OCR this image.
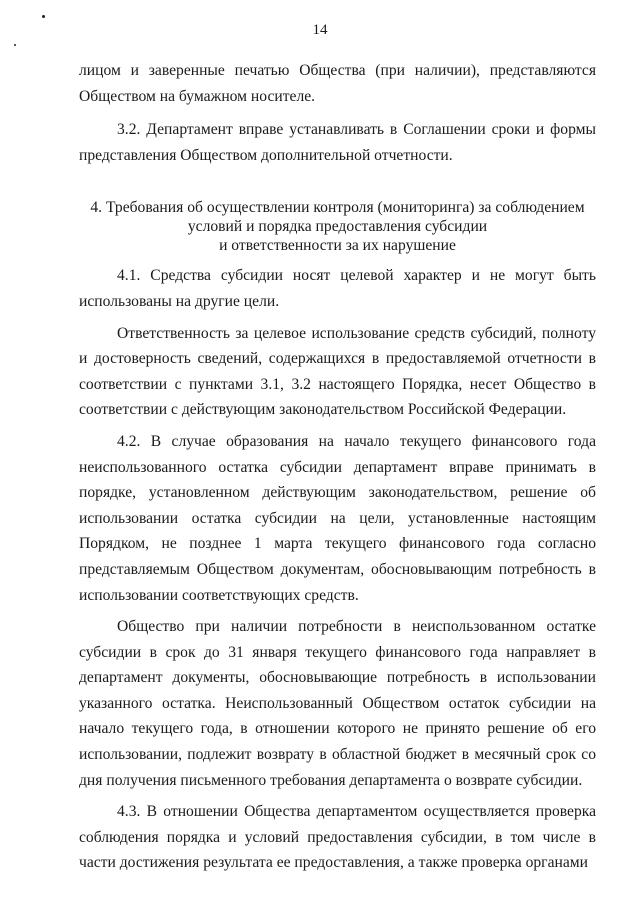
14

лицом и заверенные печатью Общества (при наличии), представляются Обществом на бумажном носителе.

3.2. Департамент вправе устанавливать в Соглашении сроки и формы представления Обществом дополнительной отчетности.

4. Требования об осуществлении контроля (мониторинга) за соблюдением
условий и порядка предоставления субсидии
и ответственности за их нарушение

4.1. Средства субсидии носят целевой характер и не могут быть использованы на другие цели.

Ответственность за целевое использование средств субсидий, полноту и достоверность сведений, содержащихся в предоставляемой отчетности в соответствии с пунктами 3.1, 3.2 настоящего Порядка, несет Общество в соответствии с действующим законодательством Российской Федерации.

4.2. В случае образования на начало текущего финансового года неиспользованного остатка субсидии департамент вправе принимать в порядке, установленном действующим законодательством, решение об использовании остатка субсидии на цели, установленные настоящим Порядком, не позднее 1 марта текущего финансового года согласно представляемым Обществом документам, обосновывающим потребность в использовании соответствующих средств.

Общество при наличии потребности в неиспользованном остатке субсидии в срок до 31 января текущего финансового года направляет в департамент документы, обосновывающие потребность в использовании указанного остатка. Неиспользованный Обществом остаток субсидии на начало текущего года, в отношении которого не принято решение об его использовании, подлежит возврату в областной бюджет в месячный срок со дня получения письменного требования департамента о возврате субсидии.

4.3. В отношении Общества департаментом осуществляется проверка соблюдения порядка и условий предоставления субсидии, в том числе в части достижения результата ее предоставления, а также проверка органами
